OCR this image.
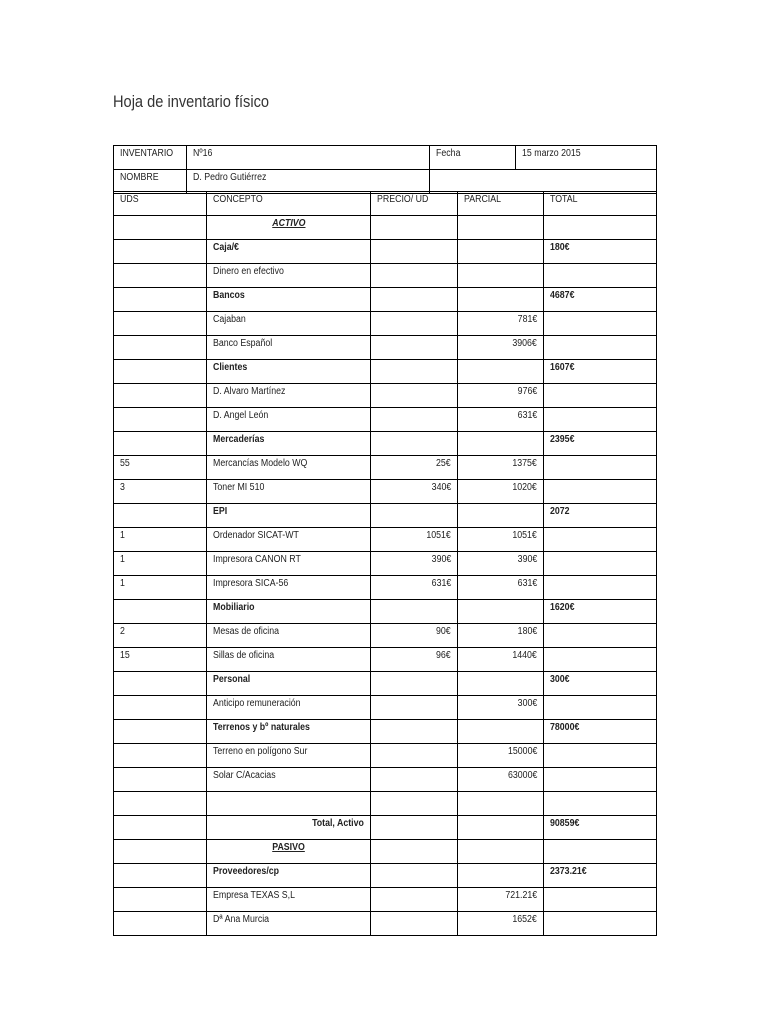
Hoja de inventario físico
INVENTARIO	Nº16	Fecha	15 marzo 2015
NOMBRE	D. Pedro Gutiérrez		
UDS	CONCEPTO	PRECIO/ UD	PARCIAL	TOTAL
	ACTIVO			
	Caja/€			180€
	Dinero en efectivo			
	Bancos			4687€
	Cajaban		781€	
	Banco Español		3906€	
	Clientes			1607€
	D. Alvaro Martínez		976€	
	D. Angel León		631€	
	Mercaderías			2395€
55	Mercancías Modelo WQ	25€	1375€	
3	Toner MI 510	340€	1020€	
	EPI			2072
1	Ordenador SICAT-WT	1051€	1051€	
1	Impresora CANON RT	390€	390€	
1	Impresora SICA-56	631€	631€	
	Mobiliario			1620€
2	Mesas de oficina	90€	180€	
15	Sillas de oficina	96€	1440€	
	Personal			300€
	Anticipo remuneración		300€	
	Terrenos y bº naturales			78000€
	Terreno en polígono Sur		15000€	
	Solar C/Acacias		63000€	

	Total, Activo			90859€
	PASIVO			
	Proveedores/cp			2373.21€
	Empresa TEXAS S,L		721.21€	
	Dª Ana Murcia		1652€	
